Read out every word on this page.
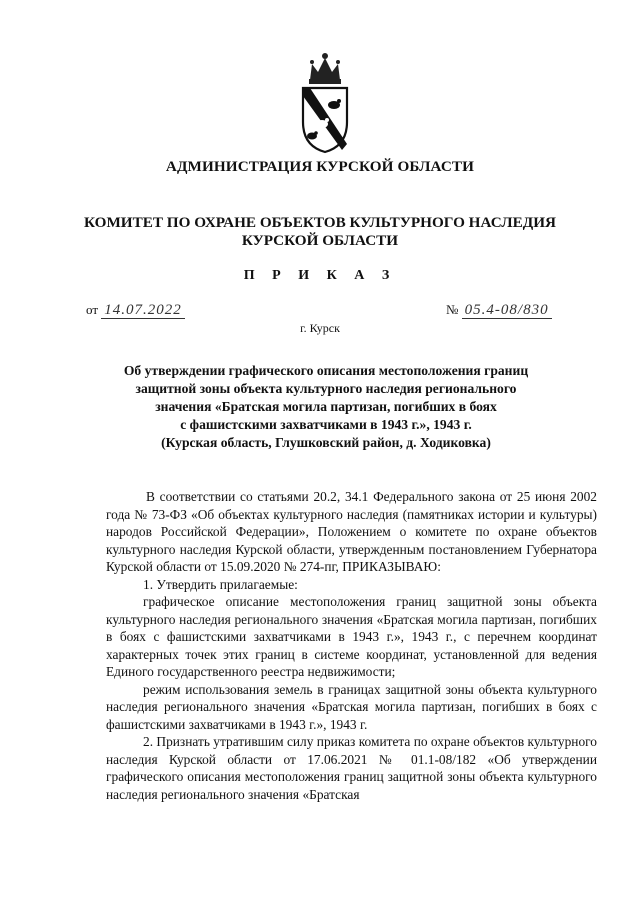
АДМИНИСТРАЦИЯ КУРСКОЙ ОБЛАСТИ
КОМИТЕТ ПО ОХРАНЕ ОБЪЕКТОВ КУЛЬТУРНОГО НАСЛЕДИЯ
КУРСКОЙ ОБЛАСТИ
П Р И К А З
от 14.07.2022	№ 05.4-08/830
г. Курск
Об утверждении графического описания местоположения границ
защитной зоны объекта культурного наследия регионального
значения «Братская могила партизан, погибших в боях
с фашистскими захватчиками в 1943 г.», 1943 г.
(Курская область, Глушковский район, д. Ходиковка)

В соответствии со статьями 20.2, 34.1 Федерального закона от 25 июня 2002 года № 73-ФЗ «Об объектах культурного наследия (памятниках истории и культуры) народов Российской Федерации», Положением о комитете по охране объектов культурного наследия Курской области, утвержденным постановлением Губернатора Курской области от 15.09.2020 № 274-пг, ПРИКАЗЫВАЮ:

1. Утвердить прилагаемые:

графическое описание местоположения границ защитной зоны объекта культурного наследия регионального значения «Братская могила партизан, погибших в боях с фашистскими захватчиками в 1943 г.», 1943 г., с перечнем координат характерных точек этих границ в системе координат, установленной для ведения Единого государственного реестра недвижимости;

режим использования земель в границах защитной зоны объекта культурного наследия регионального значения «Братская могила партизан, погибших в боях с фашистскими захватчиками в 1943 г.», 1943 г.

2. Признать утратившим силу приказ комитета по охране объектов культурного наследия Курской области от 17.06.2021 № 01.1-08/182 «Об утверждении графического описания местоположения границ защитной зоны объекта культурного наследия регионального значения «Братская
